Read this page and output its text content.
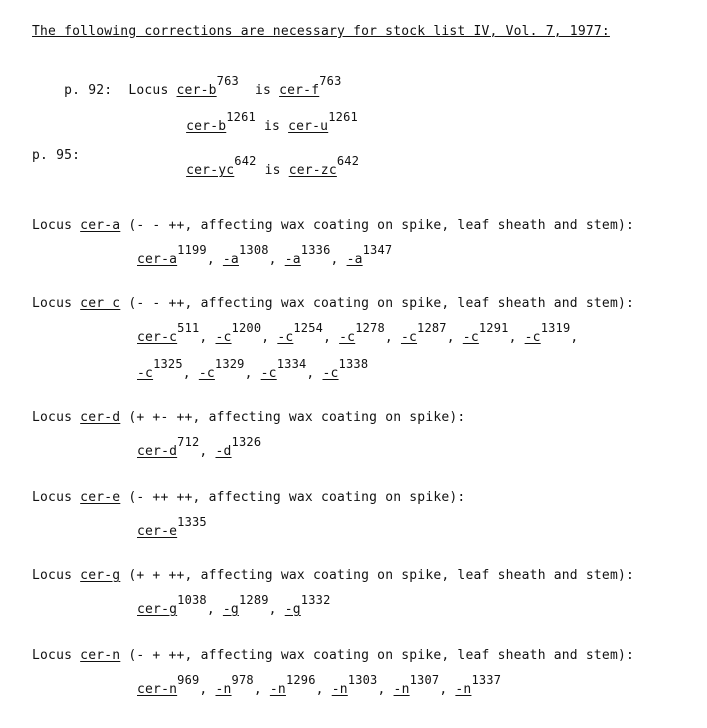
The following corrections are necessary for stock list IV, Vol. 7, 1977:

p. 92: Locus cer-b763  is cer-f763

cer-b1261 is cer-u1261

p. 95:

cer-yc642 is cer-zc642

Locus cer-a (- - ++, affecting wax coating on spike, leaf sheath and stem):
cer-a1199, -a1308, -a1336, -a1347
Locus cer c (- - ++, affecting wax coating on spike, leaf sheath and stem):
cer-c511, -c1200, -c1254, -c1278, -c1287, -c1291, -c1319,
-c1325, -c1329, -c1334, -c1338
Locus cer-d (+ +- ++, affecting wax coating on spike):
cer-d712, -d1326
Locus cer-e (- ++ ++, affecting wax coating on spike):
cer-e1335
Locus cer-g (+ + ++, affecting wax coating on spike, leaf sheath and stem):
cer-g1038, -g1289, -g1332
Locus cer-n (- + ++, affecting wax coating on spike, leaf sheath and stem):
cer-n969, -n978, -n1296, -n1303, -n1307, -n1337
